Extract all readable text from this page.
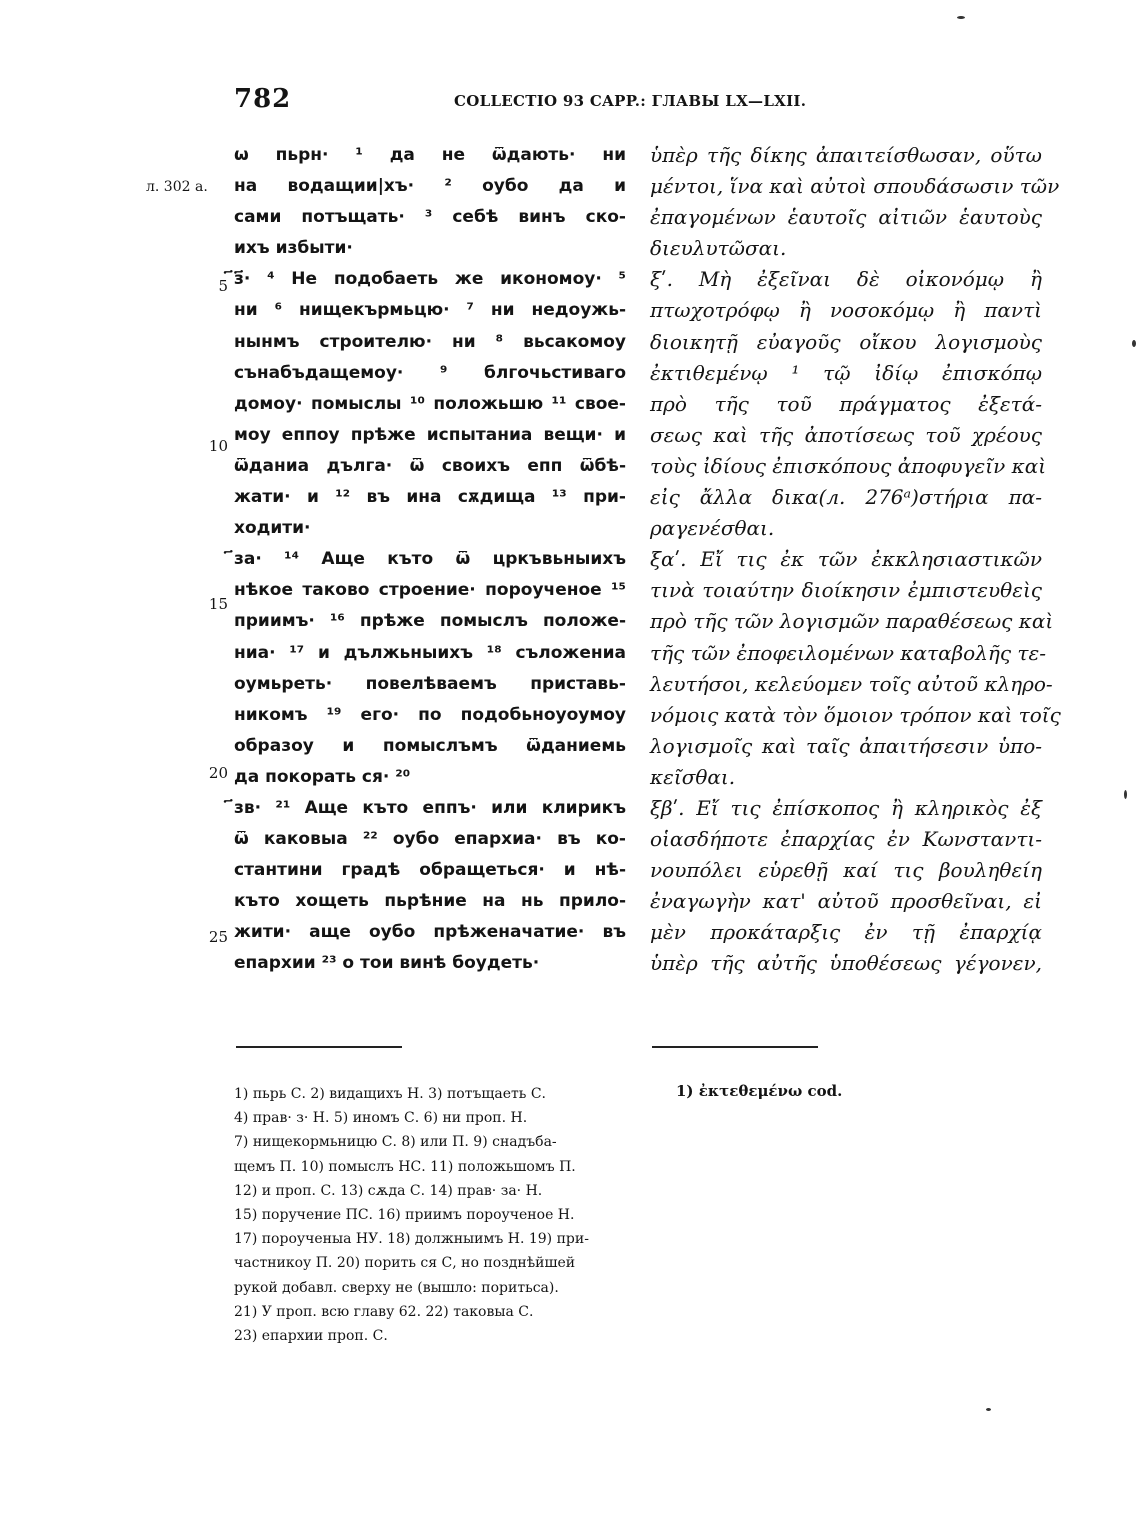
782	COLLECTIO 93 CAPP.: ГЛАВЫ LX—LXII.
л. 302 а.
5
10
15
20
25
ѡ пьрн· ¹ да не ѿдають· ни
на водащии|хъ· ² оубо да и
сами потъщать· ³ себѣ винъ ско-
ихъ избыти·
҃з҃· ⁴ Не подобаеть же икономоу· ⁵
ни ⁶ нищекърмьцю· ⁷ ни недоужь-
нынмъ строителю· ни ⁸ вьсакомоу
сънабъдащемоу· ⁹ блгочьстиваго
домоу· помыслы ¹⁰ положьшю ¹¹ свое-
моу еппоу прѣже испытаниа вещи· и
ѿданиа дългa· ѿ своихъ епп ѿбѣ-
жати· и ¹² въ ина сѫдища ¹³ при-
ходити·
҃за· ¹⁴ Аще къто ѿ цркъвьныихъ
нѣкое таково строение· пороученое ¹⁵
приимъ· ¹⁶ прѣже помыслъ положе-
ниа· ¹⁷ и дължьныихъ ¹⁸ съложениа
оумьреть· повелѣваемъ приставь-
никомъ ¹⁹ его· по подобьноуоумоу
образоу и помыслъмъ ѿданиемь
да покорать ся· ²⁰
҃зв· ²¹ Аще къто еппъ· или клирикъ
ѿ каковыa ²² оубо епархиа· въ ко-
стантини градѣ обращеться· и нѣ-
къто хощеть пьрѣние на нь прило-
жити· аще оубо прѣженачатие· въ
епархии ²³ о тои винѣ боудеть·
ὑπὲρ τῆς δίκης ἀπαιτείσθωσαν, οὕτω
μέντοι, ἵνα καὶ αὐτοὶ σπουδάσωσιν τῶν
ἐπαγομένων ἑαυτοῖς αἰτιῶν ἑαυτοὺς
διευλυτῶσαι.
ξʹ. Μὴ ἐξεῖναι δὲ οἰκονόμῳ ἢ
πτωχοτρόφῳ ἢ νοσοκόμῳ ἢ παντὶ
διοικητῇ εὐαγοῦς οἴκου λογισμοὺς
ἐκτιθεμένῳ ¹ τῷ ἰδίῳ ἐπισκόπῳ
πρὸ τῆς τοῦ πράγματος ἐξετά-
σεως καὶ τῆς ἀποτίσεως τοῦ χρέους
τοὺς ἰδίους ἐπισκόπους ἀποφυγεῖν καὶ
εἰς ἄλλα δικα(л. 276ᵃ)στήρια πα-
ραγενέσθαι.
ξαʹ. Εἴ τις ἐκ τῶν ἐκκλησιαστικῶν
τινὰ τοιαύτην διοίκησιν ἐμπιστευθεὶς
πρὸ τῆς τῶν λογισμῶν παραθέσεως καὶ
τῆς τῶν ἐποφειλομένων καταβολῆς τε-
λευτήσοι, κελεύομεν τοῖς αὐτοῦ κληρο-
νόμοις κατὰ τὸν ὅμοιον τρόπον καὶ τοῖς
λογισμοῖς καὶ ταῖς ἀπαιτήσεσιν ὑπο-
κεῖσθαι.
ξβʹ. Εἴ τις ἐπίσκοπος ἢ κληρικὸς ἐξ
οἱασδήποτε ἐπαρχίας ἐν Κωνσταντι-
νουπόλει εὑρεθῇ καί τις βουληθείη
ἐναγωγὴν κατ' αὐτοῦ προσθεῖναι, εἰ
μὲν προκάταρξις ἐν τῇ ἐπαρχίᾳ
ὑπὲρ τῆς αὐτῆς ὑποθέσεως γέγονεν,
1) пьрь С. 2) видащихъ Н. 3) потъщаеть С.
4) прав· з· Н. 5) иномъ С. 6) ни проп. Н.
7) нищекормьницю С. 8) или П. 9) снадъба-
щемъ П. 10) помыслъ НС. 11) положьшомъ П.
12) и проп. С. 13) сѫда С. 14) прав· за· Н.
15) поручение ПС. 16) приимъ пороученое Н.
17) пороученыа НУ. 18) должныимъ Н. 19) при-
частникоу П. 20) порить ся С, но позднѣйшей
рукой добавл. сверху не (вышло: поритьса).
21) У проп. всю главу 62. 22) таковыа С.
23) епархии проп. С.
1) ἐκτεθεμένω cod.
